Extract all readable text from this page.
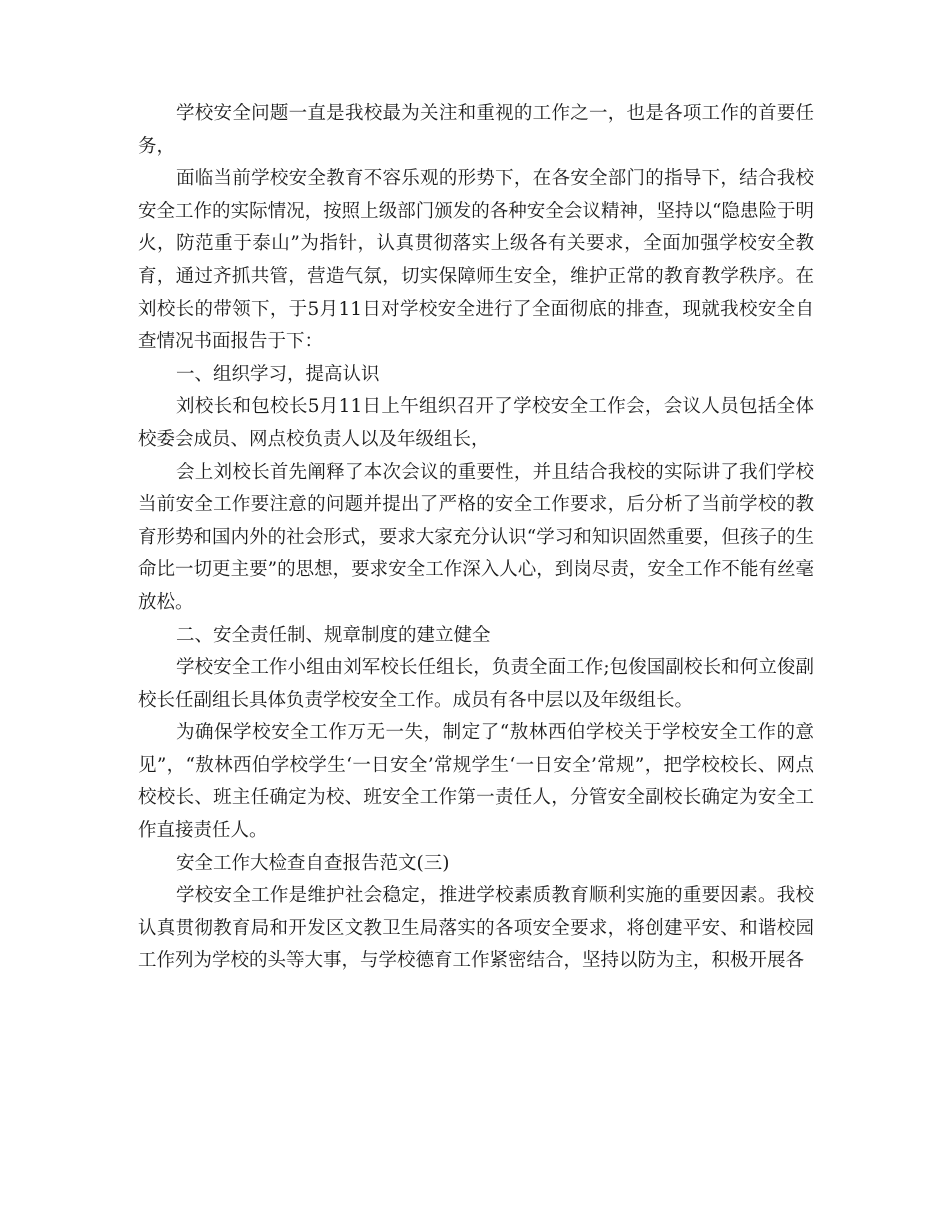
学校安全问题一直是我校最为关注和重视的工作之一，也是各项工作的首要任务，

面临当前学校安全教育不容乐观的形势下，在各安全部门的指导下，结合我校安全工作的实际情况，按照上级部门颁发的各种安全会议精神，坚持以“隐患险于明火，防范重于泰山”为指针，认真贯彻落实上级各有关要求，全面加强学校安全教育，通过齐抓共管，营造气氛，切实保障师生安全，维护正常的教育教学秩序。在刘校长的带领下，于5月11日对学校安全进行了全面彻底的排查，现就我校安全自查情况书面报告于下：

一、组织学习，提高认识

刘校长和包校长5月11日上午组织召开了学校安全工作会，会议人员包括全体校委会成员、网点校负责人以及年级组长，

会上刘校长首先阐释了本次会议的重要性，并且结合我校的实际讲了我们学校当前安全工作要注意的问题并提出了严格的安全工作要求，后分析了当前学校的教育形势和国内外的社会形式，要求大家充分认识“学习和知识固然重要，但孩子的生命比一切更主要”的思想，要求安全工作深入人心，到岗尽责，安全工作不能有丝毫放松。

二、安全责任制、规章制度的建立健全

学校安全工作小组由刘军校长任组长，负责全面工作;包俊国副校长和何立俊副校长任副组长具体负责学校安全工作。成员有各中层以及年级组长。

为确保学校安全工作万无一失，制定了“敖林西伯学校关于学校安全工作的意见”，“敖林西伯学校学生‘一日安全’常规学生‘一日安全’常规”，把学校校长、网点校校长、班主任确定为校、班安全工作第一责任人，分管安全副校长确定为安全工作直接责任人。

安全工作大检查自查报告范文(三)

学校安全工作是维护社会稳定，推进学校素质教育顺利实施的重要因素。我校认真贯彻教育局和开发区文教卫生局落实的各项安全要求，将创建平安、和谐校园工作列为学校的头等大事，与学校德育工作紧密结合，坚持以防为主，积极开展各
